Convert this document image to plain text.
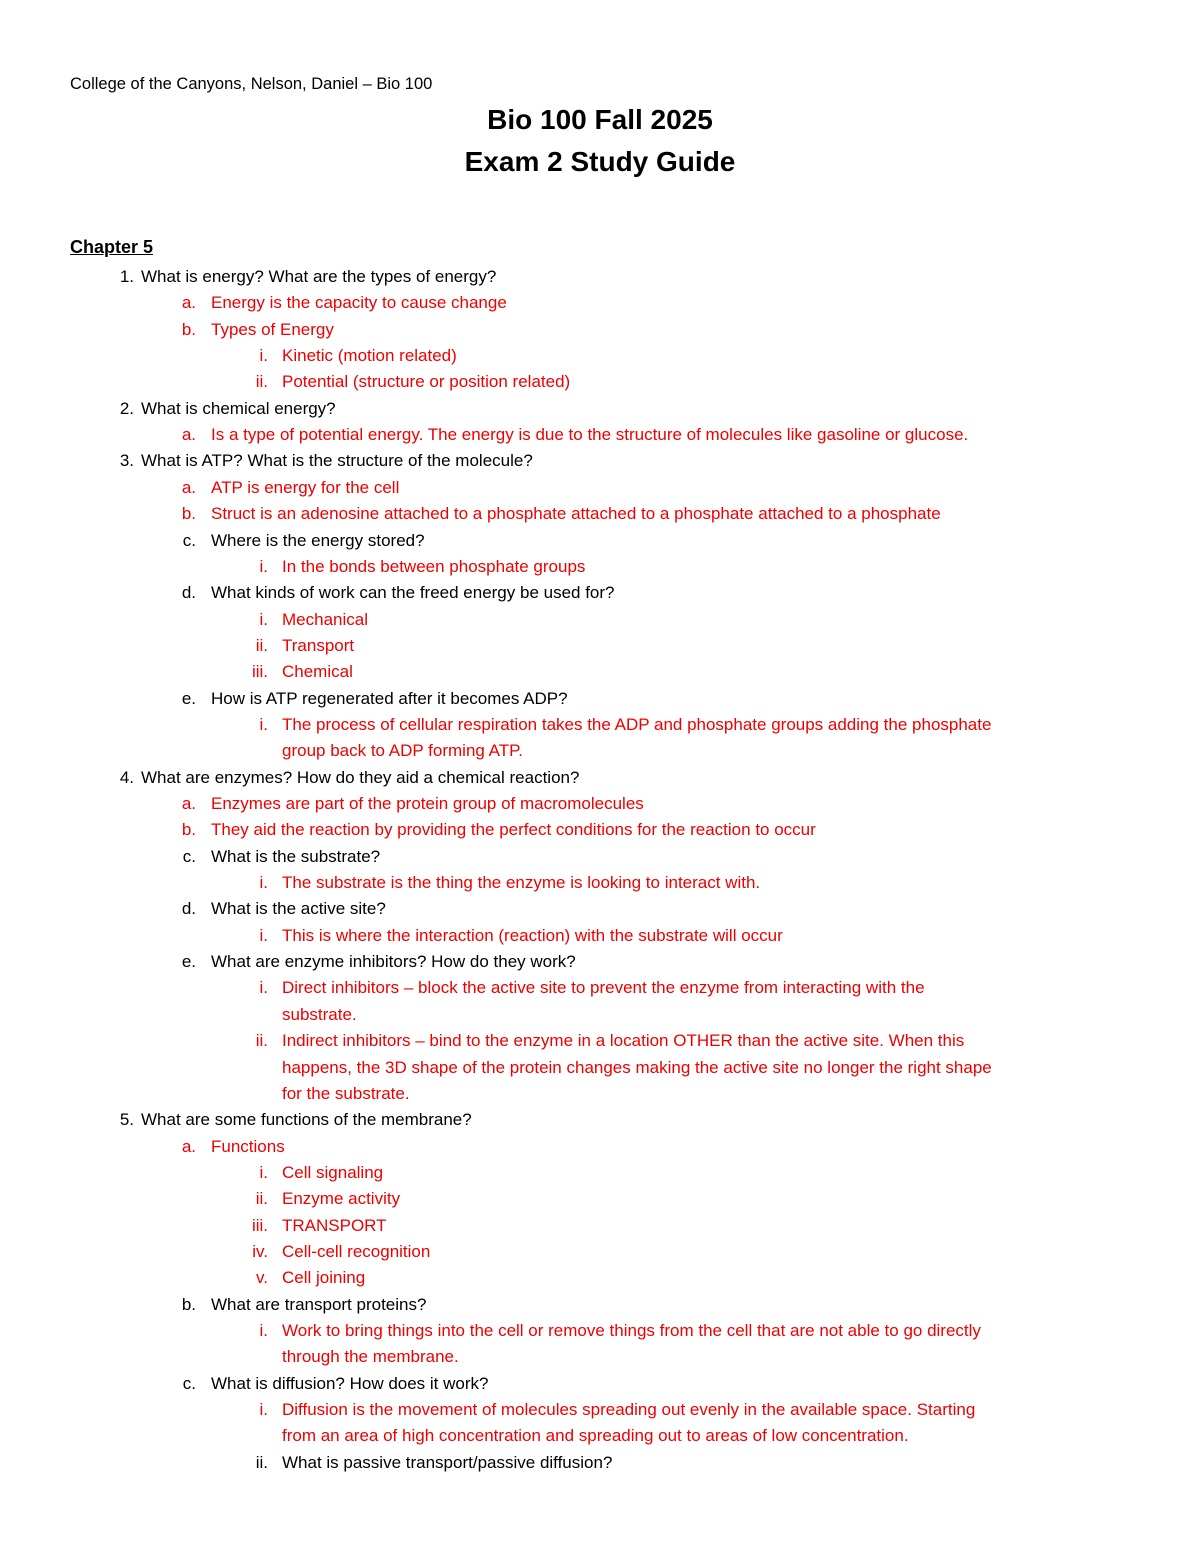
College of the Canyons, Nelson, Daniel – Bio 100
Bio 100 Fall 2025
Exam 2 Study Guide
Chapter 5
1. What is energy? What are the types of energy?
a. Energy is the capacity to cause change
b. Types of Energy
i. Kinetic (motion related)
ii. Potential (structure or position related)
2. What is chemical energy?
a. Is a type of potential energy. The energy is due to the structure of molecules like gasoline or glucose.
3. What is ATP? What is the structure of the molecule?
a. ATP is energy for the cell
b. Struct is an adenosine attached to a phosphate attached to a phosphate attached to a phosphate
c. Where is the energy stored?
i. In the bonds between phosphate groups
d. What kinds of work can the freed energy be used for?
i. Mechanical
ii. Transport
iii. Chemical
e. How is ATP regenerated after it becomes ADP?
i. The process of cellular respiration takes the ADP and phosphate groups adding the phosphate
group back to ADP forming ATP.
4. What are enzymes? How do they aid a chemical reaction?
a. Enzymes are part of the protein group of macromolecules
b. They aid the reaction by providing the perfect conditions for the reaction to occur
c. What is the substrate?
i. The substrate is the thing the enzyme is looking to interact with.
d. What is the active site?
i. This is where the interaction (reaction) with the substrate will occur
e. What are enzyme inhibitors? How do they work?
i. Direct inhibitors – block the active site to prevent the enzyme from interacting with the
substrate.
ii. Indirect inhibitors – bind to the enzyme in a location OTHER than the active site. When this
happens, the 3D shape of the protein changes making the active site no longer the right shape
for the substrate.
5. What are some functions of the membrane?
a. Functions
i. Cell signaling
ii. Enzyme activity
iii. TRANSPORT
iv. Cell-cell recognition
v. Cell joining
b. What are transport proteins?
i. Work to bring things into the cell or remove things from the cell that are not able to go directly
through the membrane.
c. What is diffusion? How does it work?
i. Diffusion is the movement of molecules spreading out evenly in the available space. Starting
from an area of high concentration and spreading out to areas of low concentration.
ii. What is passive transport/passive diffusion?
